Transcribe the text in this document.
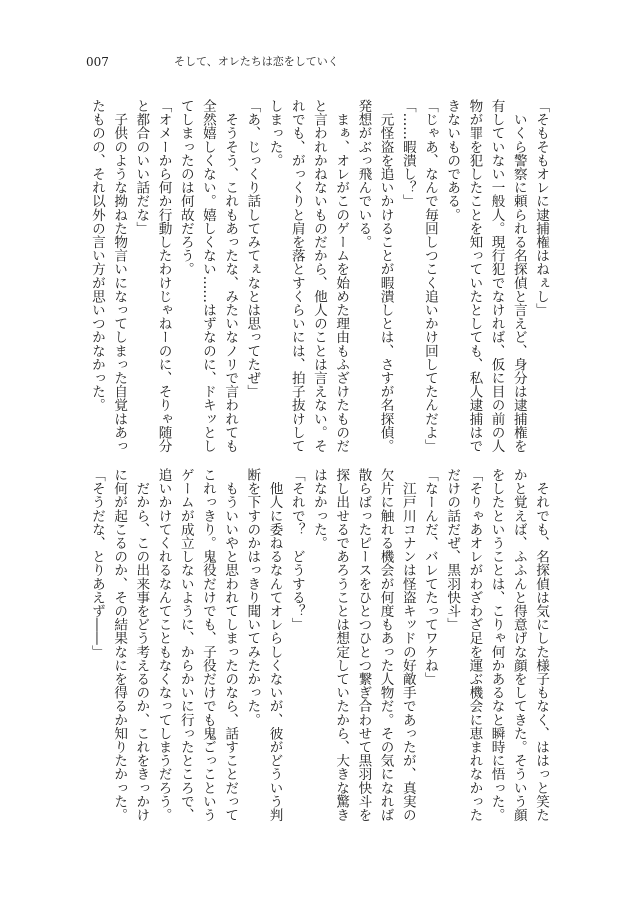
007	そして、オレたちは恋をしていく
「そもそもオレに逮捕権はねぇし」
　いくら警察に頼られる名探偵と言えど、身分は逮捕権を
有していない一般人。現行犯でなければ、仮に目の前の人
物が罪を犯したことを知っていたとしても、私人逮捕はで
きないものである。
「じゃあ、なんで毎回しつこく追いかけ回してたんだよ」
「……暇潰し？」
　元怪盗を追いかけることが暇潰しとは、さすが名探偵。
発想がぶっ飛んでいる。
　まぁ、オレがこのゲームを始めた理由もふざけたものだ
と言われかねないものだから、他人のことは言えない。そ
れでも、がっくりと肩を落とすくらいには、拍子抜けして
しまった。
「あ、じっくり話してみてぇなとは思ってたぜ」
　そうそう、これもあったな、みたいなノリで言われても
全然嬉しくない。嬉しくない……はずなのに、ドキッとし
てしまったのは何故だろう。
「オメーから何か行動したわけじゃねーのに、そりゃ随分
と都合のいい話だな」
　子供のような拗ねた物言いになってしまった自覚はあっ
たものの、それ以外の言い方が思いつかなかった。
　それでも、名探偵は気にした様子もなく、ははっと笑た
かと覚えば、ふふんと得意げな顔をしてきた。そういう顔
をしたということは、こりゃ何かあるなと瞬時に悟った。
「そりゃあオレがわざわざ足を運ぶ機会に恵まれなかった
だけの話だぜ、黒羽快斗」
「なーんだ、バレてたってワケね」
　江戸川コナンは怪盗キッドの好敵手であったが、真実の
欠片に触れる機会が何度もあった人物だ。その気になれば
散らばったピースをひとつひとつ繋ぎ合わせて黒羽快斗を
探し出せるであろうことは想定していたから、大きな驚き
はなかった。
「それで？　どうする？」
　他人に委ねるなんてオレらしくないが、彼がどういう判
断を下すのかはっきり聞いてみたかった。
　もういいやと思われてしまったのなら、話すことだって
これっきり。鬼役だけでも、子役だけでも鬼ごっこという
ゲームが成立しないように、からかいに行ったところで、
追いかけてくれるなんてこともなくなってしまうだろう。
　だから、この出来事をどう考えるのか、これをきっかけ
に何が起こるのか、その結果なにを得るか知りたかった。
「そうだな、とりあえず――」
